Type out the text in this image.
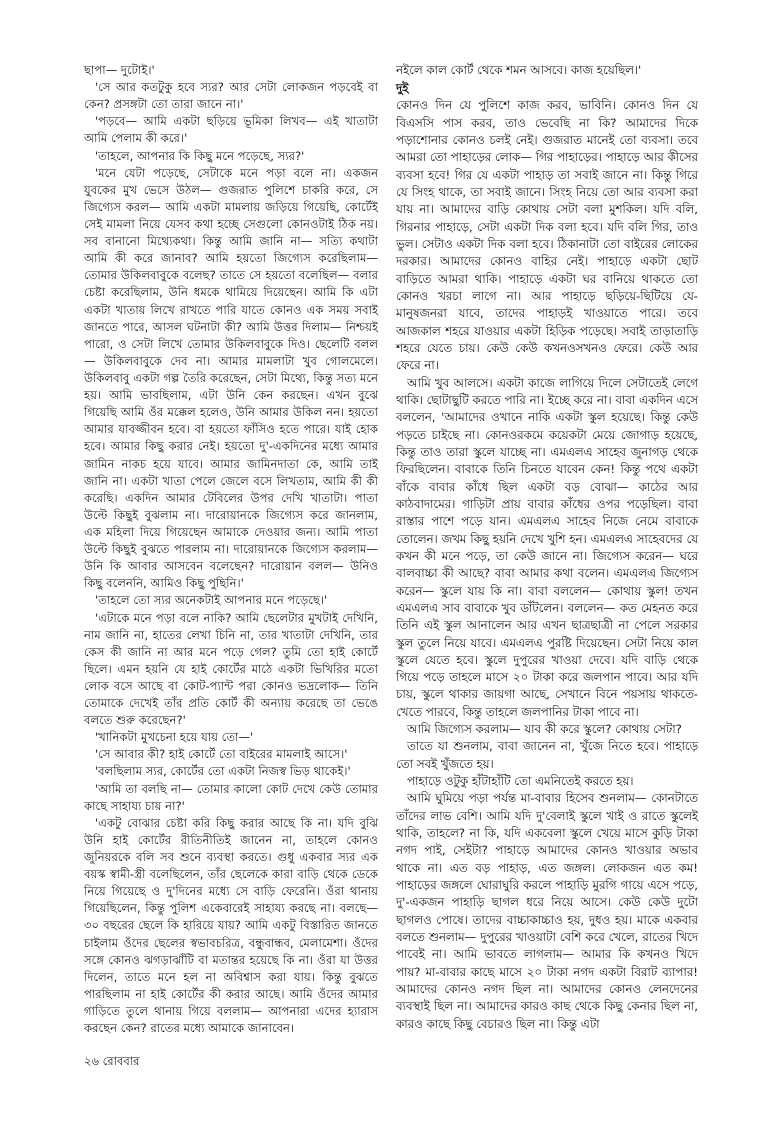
ছাপা— দুটোই।'

'সে আর কতটুকু হবে স্যর? আর সেটা লোকজন পড়বেই বা কেন? প্রসঙ্গটা তো তারা জানে না।'

'পড়বে— আমি একটা ছড়িয়ে ভূমিকা লিখব— এই খাতাটা আমি পেলাম কী করে।'

'তাহলে, আপনার কি কিছু মনে পড়েছে, স্যর?'

'মনে যেটা পড়েছে, সেটাকে মনে পড়া বলে না। একজন যুবকের মুখ ভেসে উঠল— গুজরাত পুলিশে চাকরি করে, সে জিগ্যেস করল— আমি একটা মামলায় জড়িয়ে গিয়েছি, কোর্টেই সেই মামলা নিয়ে যেসব কথা হচ্ছে সেগুলো কোনওটাই ঠিক নয়। সব বানানো মিথ্যেকথা। কিন্তু আমি জানি না— সত্যি কথাটা আমি কী করে জানাব? আমি হয়তো জিগ্যেস করেছিলাম— তোমার উকিলবাবুকে বলেছ? তাতে সে হয়তো বলেছিল— বলার চেষ্টা করেছিলাম, উনি ধমকে থামিয়ে দিয়েছেন। আমি কি এটা একটা খাতায় লিখে রাখতে পারি যাতে কোনও এক সময় সবাই জানতে পারে, আসল ঘটনাটা কী? আমি উত্তর দিলাম— নিশ্চয়ই পারো, ও সেটা লিখে তোমার উকিলবাবুকে দিও। ছেলেটি বলল— উকিলবাবুকে দেব না। আমার মামলাটা খুব গোলমেলে। উকিলবাবু একটা গল্প তৈরি করেছেন, সেটা মিথ্যে, কিন্তু সত্য মনে হয়। আমি ভাবছিলাম, এটা উনি কেন করছেন। এখন বুঝে গিয়েছি আমি ওঁর মক্কেল হলেও, উনি আমার উকিল নন। হয়তো আমার যাবজ্জীবন হবে। বা হয়তো ফাঁসিও হতে পারে। যাই হোক হবে। আমার কিছু করার নেই। হয়তো দু'-একদিনের মধ্যে আমার জামিন নাকচ হয়ে যাবে। আমার জামিনদাতা কে, আমি তাই জানি না। একটা খাতা পেলে জেলে বসে লিখতাম, আমি কী কী করেছি। একদিন আমার টেবিলের উপর দেখি খাতাটা। পাতা উল্টে কিছুই বুঝলাম না। দারোয়ানকে জিগ্যেস করে জানলাম, এক মহিলা দিয়ে গিয়েছেন আমাকে দেওয়ার জন্য। আমি পাতা উল্টে কিছুই বুঝতে পারলাম না। দারোয়ানকে জিগ্যেস করলাম— উনি কি আবার আসবেন বলেছেন? দারোয়ান বলল— উনিও কিছু বলেননি, আমিও কিছু পুছিনি।'

'তাহলে তো স্যর অনেকটাই আপনার মনে পড়েছে।'

'এটাকে মনে পড়া বলে নাকি? আমি ছেলেটার মুখটাই দেখিনি, নাম জানি না, হাতের লেখা চিনি না, তার খাতাটা দেখিনি, তার কেস কী জানি না আর মনে পড়ে গেল? তুমি তো হাই কোর্টে ছিলে। এমন হয়নি যে হাই কোর্টের মাঠে একটা ভিখিরির মতো লোক বসে আছে বা কোট-প্যান্ট পরা কোনও ভদ্রলোক— তিনি তোমাকে দেখেই তাঁর প্রতি কোর্ট কী অন্যায় করেছে তা ভেঙে বলতে শুরু করেছেন?'

'খানিকটা মুখচেনা হয়ে যায় তো—'

'সে আবার কী? হাই কোর্টে তো বাইরের মামলাই আসে।'

'বলছিলাম স্যর, কোর্টের তো একটা নিজস্ব ভিড় থাকেই।'

'আমি তা বলছি না— তোমার কালো কোট দেখে কেউ তোমার কাছে সাহায্য চায় না?'

'একটু বোঝার চেষ্টা করি কিছু করার আছে কি না। যদি বুঝি উনি হাই কোর্টের রীতিনীতিই জানেন না, তাহলে কোনও জুনিয়রকে বলি সব শুনে ব্যবস্থা করতে। গুধু একবার স্যর এক বয়স্ক স্বামী-স্ত্রী বলেছিলেন, তাঁর ছেলেকে কারা বাড়ি থেকে ডেকে নিয়ে গিয়েছে ও দু'দিনের মধ্যে সে বাড়ি ফেরেনি। ওঁরা থানায় গিয়েছিলেন, কিন্তু পুলিশ একেবারেই সাহায্য করছে না। বলছে— ৩০ বছরের ছেলে কি হারিয়ে যায়? আমি একটু বিস্তারিত জানতে চাইলাম ওঁদের ছেলের স্বভাবচরিত্র, বন্ধুবান্ধব, মেলামেশা। ওঁদের সঙ্গে কোনও ঝগড়াঝাঁটি বা মতান্তর হয়েছে কি না। ওঁরা যা উত্তর দিলেন, তাতে মনে হল না অবিশ্বাস করা যায়। কিন্তু বুঝতে পারছিলাম না হাই কোর্টের কী করার আছে। আমি ওঁদের আমার গাড়িতে তুলে থানায় গিয়ে বললাম— আপনারা এদের হ্যারাস করছেন কেন? রাতের মধ্যে আমাকে জানাবেন।

নইলে কাল কোর্ট থেকে শমন আসবে। কাজ হয়েছিল।'

দুই

কোনও দিন যে পুলিশে কাজ করব, ভাবিনি। কোনও দিন যে বিএসসি পাস করব, তাও ভেবেছি না কি? আমাদের দিকে পড়াশোনার কোনও চলই নেই। গুজরাত মানেই তো ব্যবসা। তবে আমরা তো পাহাড়ের লোক— গির পাহাড়ের। পাহাড়ে আর কীসের ব্যবসা হবে! গির যে একটা পাহাড় তা সবাই জানে না। কিন্তু গিরে যে সিংহ থাকে, তা সবাই জানে। সিংহ নিয়ে তো আর ব্যবসা করা যায় না। আমাদের বাড়ি কোথায় সেটা বলা মুশকিল। যদি বলি, গিরনার পাহাড়ে, সেটা একটা দিক বলা হবে। যদি বলি গির, তাও ভুল। সেটাও একটা দিক বলা হবে। ঠিকানাটা তো বাইরের লোকের দরকার। আমাদের কোনও বাহির নেই। পাহাড়ে একটা ছোট বাড়িতে আমরা থাকি। পাহাড়ে একটা ঘর বানিয়ে থাকতে তো কোনও খরচা লাগে না। আর পাহাড়ে ছড়িয়ে-ছিটিয়ে যে-মানুষজনরা যাবে, তাদের পাহাড়ই খাওয়াতে পারে। তবে আজকাল শহরে যাওয়ার একটা হিড়িক পড়েছে। সবাই তাড়াতাড়ি শহরে যেতে চায়। কেউ কেউ কখনওসখনও ফেরে। কেউ আর ফেরে না।

আমি খুব আলসে। একটা কাজে লাগিয়ে দিলে সেটাতেই লেগে থাকি। ছোটাছুটি করতে পারি না। ইচ্ছে করে না। বাবা একদিন এসে বললেন, 'আমাদের ওখানে নাকি একটা স্কুল হয়েছে। কিন্তু কেউ পড়তে চাইছে না। কোনওরকমে কয়েকটা মেয়ে জোগাড় হয়েছে, কিন্তু তাও তারা স্কুলে যাচ্ছে না। এমএলএ সাহেব জুনাগড় থেকে ফিরছিলেন। বাবাকে তিনি চিনতে যাবেন কেন! কিন্তু পথে একটা বাঁকে বাবার কাঁধে ছিল একটা বড় বোঝা— কাঠের আর কাঠবাদামের। গাড়িটা প্রায় বাবার কাঁধের ওপর পড়েছিল। বাবা রাস্তার পাশে পড়ে যান। এমএলএ সাহেব নিজে নেমে বাবাকে তোলেন। জখম কিছু হয়নি দেখে খুশি হন। এমএলএ সাহেবদের যে কখন কী মনে পড়ে, তা কেউ জানে না। জিগ্যেস করেন— ঘরে বালবাচ্চা কী আছে? বাবা আমার কথা বলেন। এমএলএ জিগ্যেস করেন— স্কুলে যায় কি না। বাবা বললেন— কোথায় স্কুল! তখন এমএলএ সাব বাবাকে খুব ডাঁটলেন। বললেন— কত মেহনত করে তিনি এই স্কুল আনালেন আর এখন ছাত্রছাত্রী না পেলে সরকার স্কুল তুলে নিয়ে যাবে। এমএলএ পুরষ্টি দিয়েছেন। সেটা নিয়ে কাল স্কুলে যেতে হবে। স্কুলে দুপুরের খাওয়া দেবে। যদি বাড়ি থেকে গিয়ে পড়ে তাহলে মাসে ২০ টাকা করে জলপান পাবে। আর যদি চায়, স্কুলে থাকার জায়গা আছে, সেখানে বিনে পয়সায় থাকতে-খেতে পারবে, কিন্তু তাহলে জলপানির টাকা পাবে না।

আমি জিগ্যেস করলাম— যাব কী করে স্কুলে? কোথায় সেটা?

তাতে যা শুনলাম, বাবা জানেন না, খুঁজে নিতে হবে। পাহাড়ে তো সবই খুঁজতে হয়।

পাহাড়ে ওটুকু হাঁটাহাঁটি তো এমনিতেই করতে হয়।

আমি ঘুমিয়ে পড়া পর্যন্ত মা-বাবার হিসেব শুনলাম— কোনটাতে তাঁদের লাভ বেশি। আমি যদি দু'বেলাই স্কুলে খাই ও রাতে স্কুলেই থাকি, তাহলে? না কি, যদি একবেলা স্কুলে খেয়ে মাসে কুড়ি টাকা নগদ পাই, সেইটা? পাহাড়ে আমাদের কোনও খাওয়ার অভাব থাকে না। এত বড় পাহাড়, এত জঙ্গল। লোকজন এত কম! পাহাড়ের জঙ্গলে ঘোরাঘুরি করলে পাহাড়ি মুরগি গায়ে এসে পড়ে, দু'-একজন পাহাড়ি ছাগল ধরে নিয়ে আসে। কেউ কেউ দুটো ছাগলও পোষে। তাদের বাচ্চাকাচ্চাও হয়, দুধও হয়। মাকে একবার বলতে শুনলাম— দুপুরের খাওয়াটা বেশি করে খেলে, রাতের খিদে পাবেই না। আমি ভাবতে লাগলাম— আমার কি কখনও খিদে পায়? মা-বাবার কাছে মাসে ২০ টাকা নগদ একটা বিরাট ব্যাপার! আমাদের কোনও নগদ ছিল না। আমাদের কোনও লেনদেনের ব্যবস্থাই ছিল না। আমাদের কারও কাছ থেকে কিছু কেনার ছিল না, কারও কাছে কিছু বেচারও ছিল না। কিন্তু এটা

২৬ রোববার
